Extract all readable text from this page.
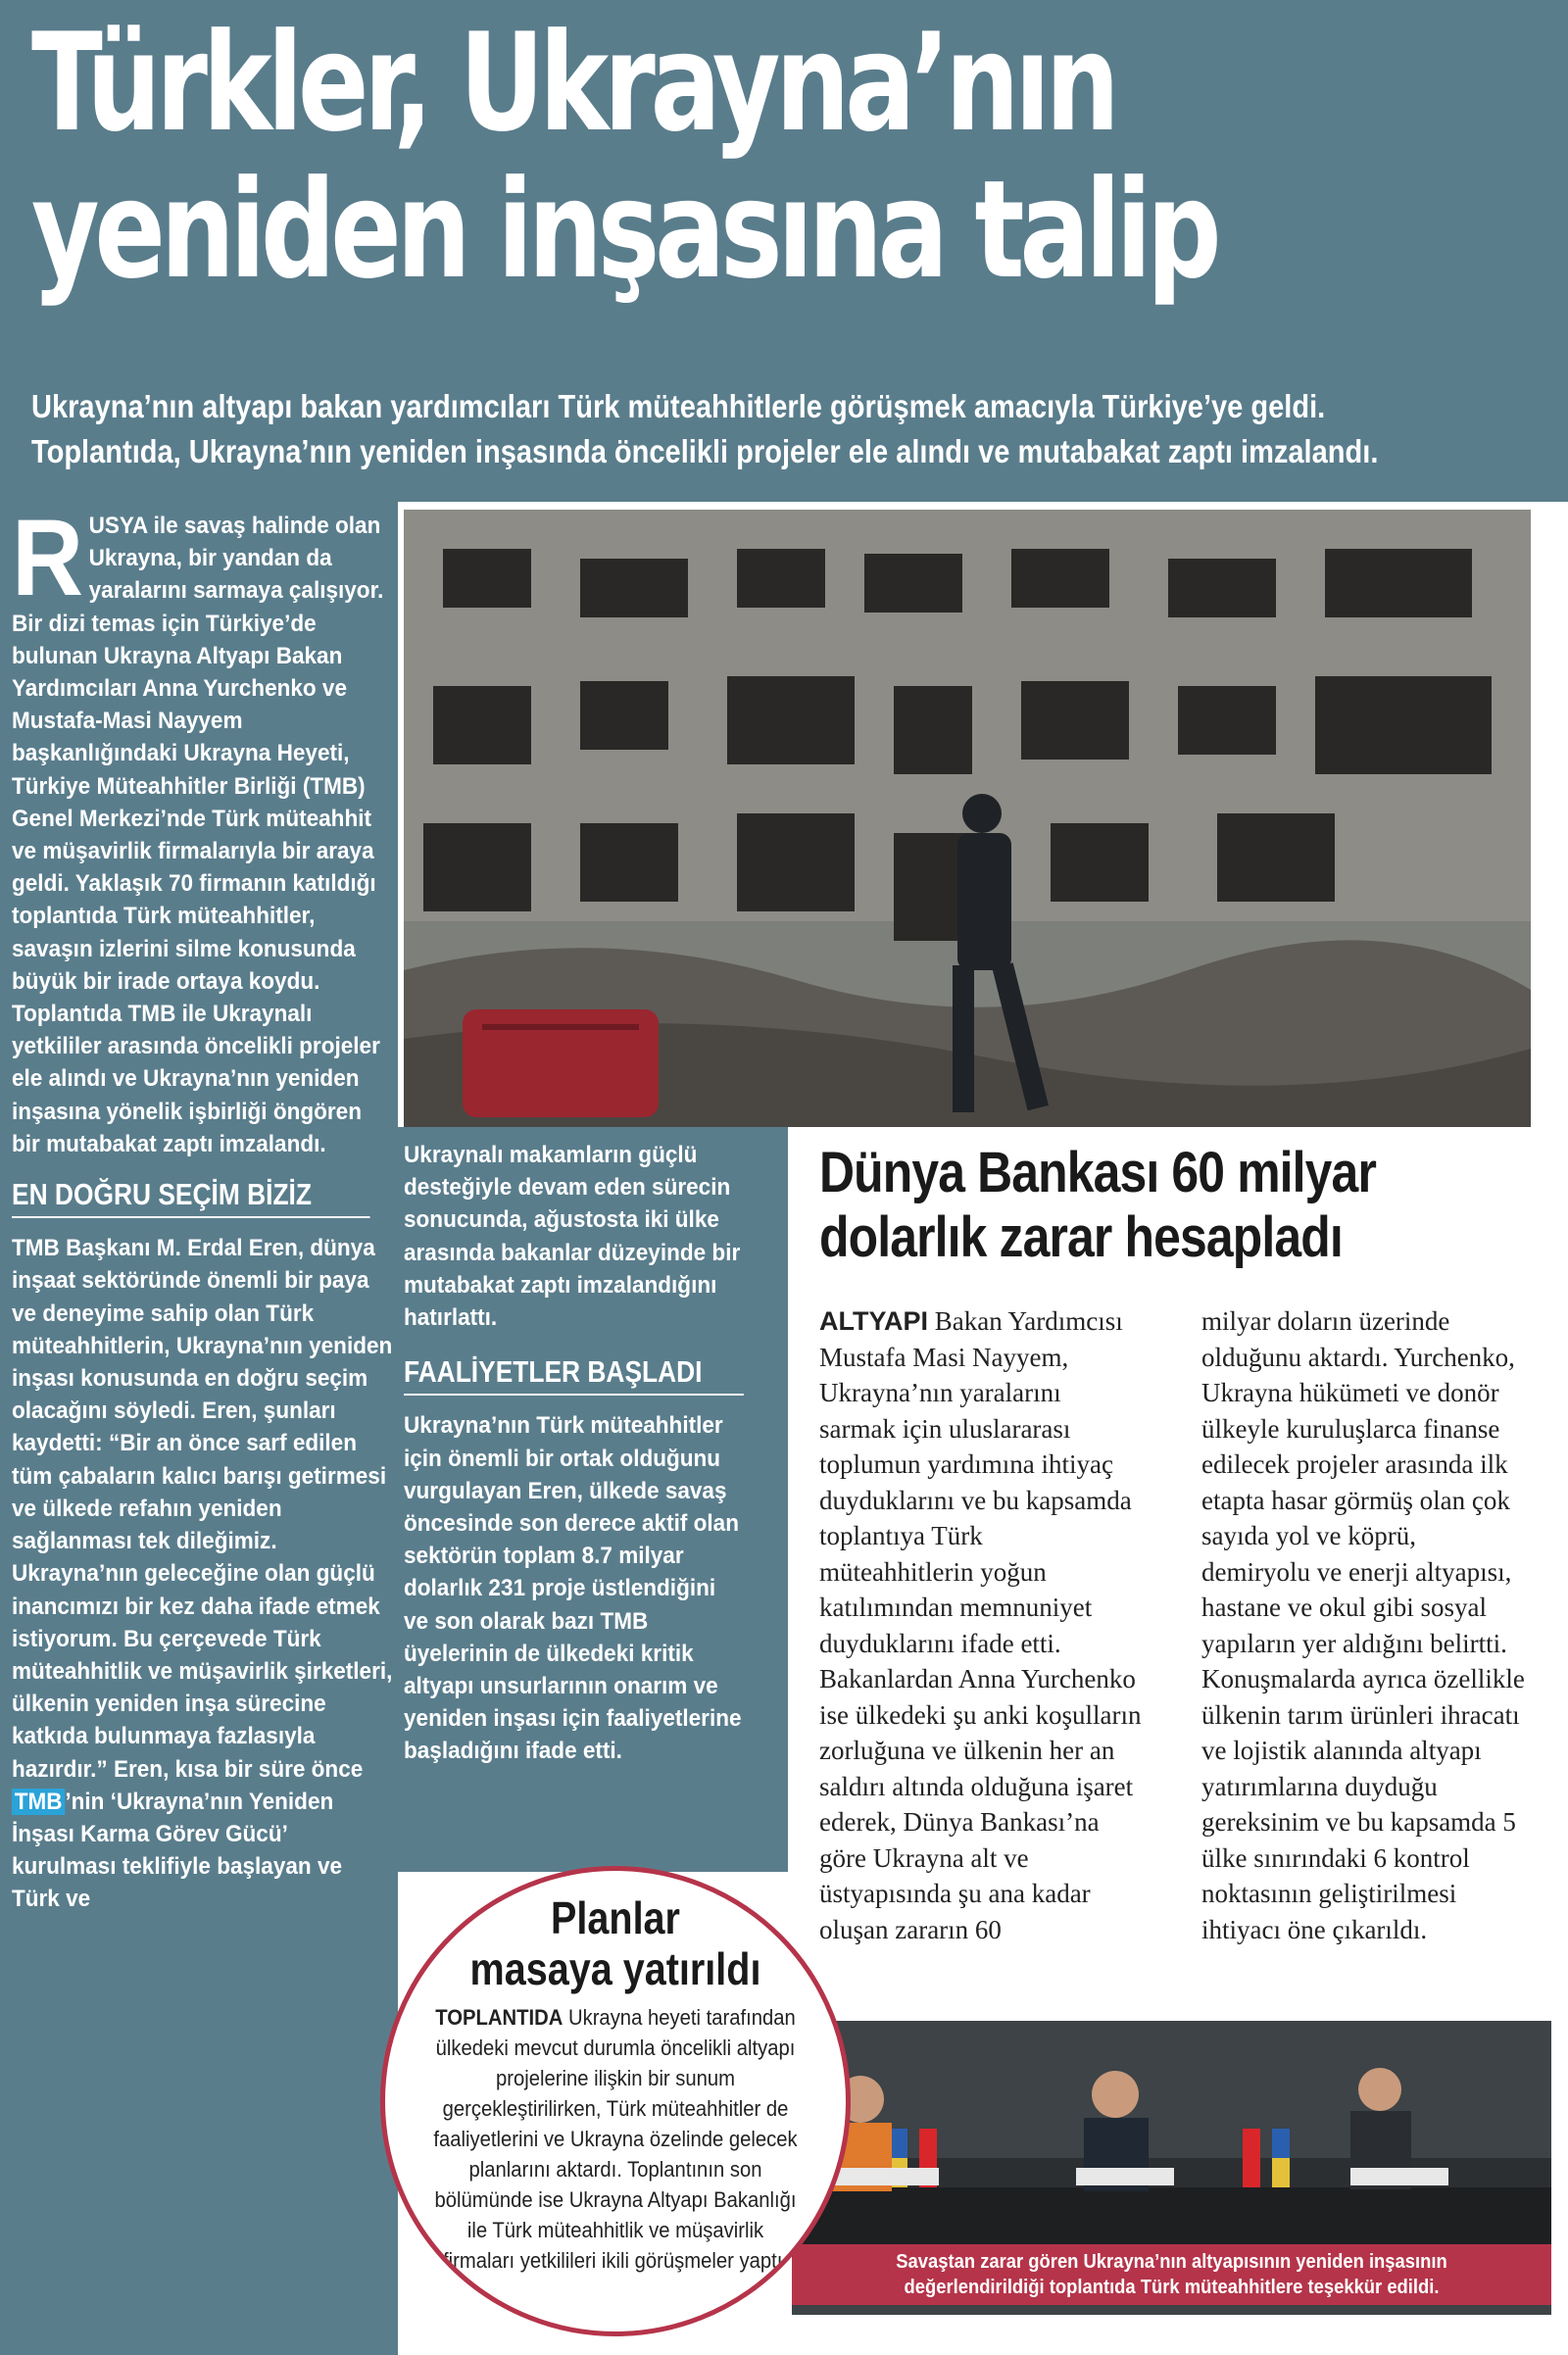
Türkler, Ukrayna’nın
yeniden inşasına talip

Ukrayna’nın altyapı bakan yardımcıları Türk müteahhitlerle görüşmek amacıyla Türkiye’ye geldi.

Toplantıda, Ukrayna’nın yeniden inşasında öncelikli projeler ele alındı ve mutabakat zaptı imzalandı.

RUSYA ile savaş halinde olan Ukrayna, bir yandan da yaralarını sarmaya çalışıyor. Bir dizi temas için Türkiye’de bulunan Ukrayna Altyapı Bakan Yardımcıları Anna Yurchenko ve Mustafa-Masi Nayyem başkanlığındaki Ukrayna Heyeti, Türkiye Müteahhitler Birliği (TMB) Genel Merkezi’nde Türk müteahhit ve müşavirlik firmalarıyla bir araya geldi. Yaklaşık 70 firmanın katıldığı toplantıda Türk müteahhitler, savaşın izlerini silme konusunda büyük bir irade ortaya koydu. Toplantıda TMB ile Ukraynalı yetkililer arasında öncelikli projeler ele alındı ve Ukrayna’nın yeniden inşasına yönelik işbirliği öngören bir mutabakat zaptı imzalandı.

EN DOĞRU SEÇİM BİZİZ

TMB Başkanı M. Erdal Eren, dünya inşaat sektöründe önemli bir paya ve deneyime sahip olan Türk müteahhitlerin, Ukrayna’nın yeniden inşası konusunda en doğru seçim olacağını söyledi. Eren, şunları kaydetti: “Bir an önce sarf edilen tüm çabaların kalıcı barışı getirmesi ve ülkede refahın yeniden sağlanması tek dileğimiz. Ukrayna’nın geleceğine olan güçlü inancımızı bir kez daha ifade etmek istiyorum. Bu çerçevede Türk müteahhitlik ve müşavirlik şirketleri, ülkenin yeniden inşa sürecine katkıda bulunmaya fazlasıyla hazırdır.” Eren, kısa bir süre önce TMB ’nin ‘Ukrayna’nın Yeniden İnşası Karma Görev Gücü’ kurulması teklifiyle başlayan ve Türk ve

Ukraynalı makamların güçlü desteğiyle devam eden sürecin sonucunda, ağustosta iki ülke arasında bakanlar düzeyinde bir mutabakat zaptı imzalandığını hatırlattı.

FAALİYETLER BAŞLADI

Ukrayna’nın Türk müteahhitler için önemli bir ortak olduğunu vurgulayan Eren, ülkede savaş öncesinde son derece aktif olan sektörün toplam 8.7 milyar dolarlık 231 proje üstlendiğini ve son olarak bazı TMB üyelerinin de ülkedeki kritik altyapı unsurlarının onarım ve yeniden inşası için faaliyetlerine başladığını ifade etti.

Dünya Bankası 60 milyar
dolarlık zarar hesapladı
ALTYAPI Bakan Yardımcısı Mustafa Masi Nayyem, Ukrayna’nın yaralarını sarmak için uluslararası toplumun yardımına ihtiyaç duyduklarını ve bu kapsamda toplantıya Türk müteahhitlerin yoğun katılımından memnuniyet duyduklarını ifade etti. Bakanlardan Anna Yurchenko ise ülkedeki şu anki koşulların zorluğuna ve ülkenin her an saldırı altında olduğuna işaret ederek, Dünya Bankası’na göre Ukrayna alt ve üstyapısında şu ana kadar oluşan zararın 60
milyar doların üzerinde olduğunu aktardı. Yurchenko, Ukrayna hükümeti ve donör ülkeyle kuruluşlarca finanse edilecek projeler arasında ilk etapta hasar görmüş olan çok sayıda yol ve köprü, demiryolu ve enerji altyapısı, hastane ve okul gibi sosyal yapıların yer aldığını belirtti. Konuşmalarda ayrıca özellikle ülkenin tarım ürünleri ihracatı ve lojistik alanında altyapı yatırımlarına duyduğu gereksinim ve bu kapsamda 5 ülke sınırındaki 6 kontrol noktasının geliştirilmesi ihtiyacı öne çıkarıldı.
Savaştan zarar gören Ukrayna’nın altyapısının yeniden inşasının
değerlendirildiği toplantıda Türk müteahhitlere teşekkür edildi.
Planlar
masaya yatırıldı

TOPLANTIDA Ukrayna heyeti tarafından ülkedeki mevcut durumla öncelikli altyapı projelerine ilişkin bir sunum gerçekleştirilirken, Türk müteahhitler de faaliyetlerini ve Ukrayna özelinde gelecek planlarını aktardı. Toplantının son bölümünde ise Ukrayna Altyapı Bakanlığı ile Türk müteahhitlik ve müşavirlik firmaları yetkilileri ikili görüşmeler yaptı.
